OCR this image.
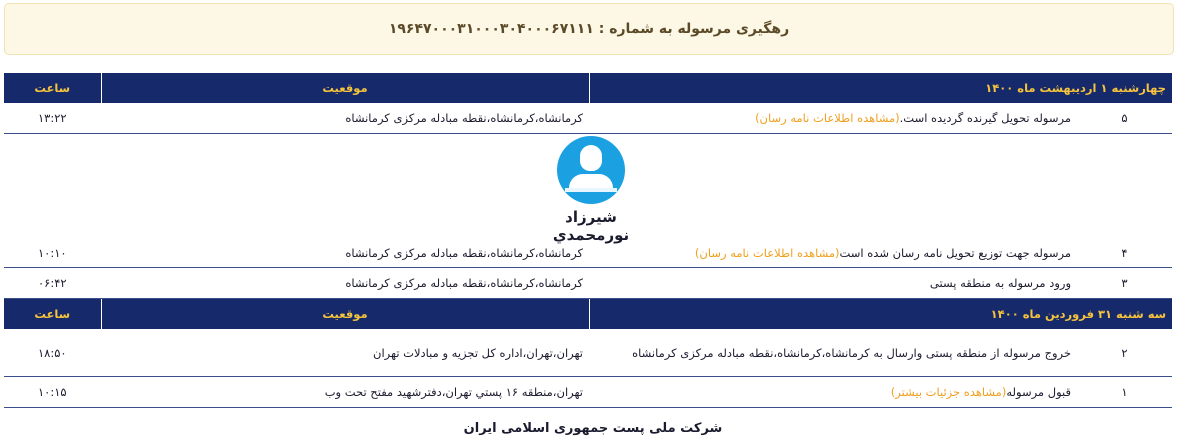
رهگیری مرسوله به شماره : ۱۹۶۴۷۰۰۰۳۱۰۰۰۳۰۴۰۰۰۶۷۱۱۱
چهارشنبه ۱ اردیبهشت ماه ۱۴۰۰		موقعیت	ساعت
۵	مرسوله تحویل گیرنده گردیده است.(مشاهده اطلاعات نامه رسان)	کرمانشاه،کرمانشاه،نقطه مبادله مرکزی کرمانشاه	۱۳:۲۲
۴	مرسوله جهت توزیع تحویل نامه رسان شده است(مشاهده اطلاعات نامه رسان)	کرمانشاه،کرمانشاه،نقطه مبادله مرکزی کرمانشاه	۱۰:۱۰
۳	ورود مرسوله به منطقه پستی	کرمانشاه،کرمانشاه،نقطه مبادله مرکزی کرمانشاه	۰۶:۴۲
سه شنبه ۳۱ فروردین ماه ۱۴۰۰		موقعیت	ساعت
۲	خروج مرسوله از منطقه پستی وارسال به کرمانشاه،کرمانشاه،نقطه مبادله مرکزی کرمانشاه	تهران،تهران،اداره کل تجزیه و مبادلات تهران	۱۸:۵۰
۱	قبول مرسوله(مشاهده جزئیات بیشتر)	تهران،منطقه ۱۶ پستي تهران،دفترشهید مفتح تحت وب	۱۰:۱۵
شیرزاد نورمحمدي
شرکت ملی پست جمهوری اسلامی ایران
